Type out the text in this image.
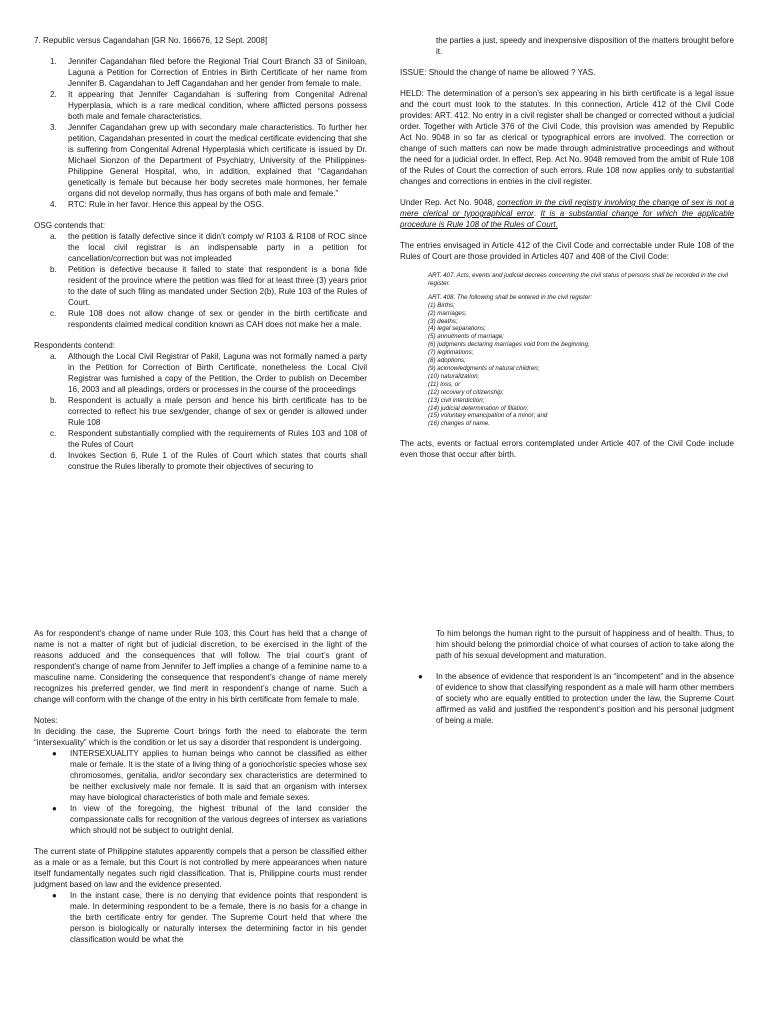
7. Republic versus Cagandahan [GR No. 166676, 12 Sept. 2008]

1. Jennifer Cagandahan filed before the Regional Trial Court Branch 33 of Siniloan, Laguna a Petition for Correction of Entries in Birth Certificate of her name from Jennifer B. Cagandahan to Jeff Cagandahan and her gender from female to male.
2. It appearing that Jennifer Cagandahan is suffering from Congenital Adrenal Hyperplasia, which is a rare medical condition, where afflicted persons possess both male and female characteristics.
3. Jennifer Cagandahan grew up with secondary male characteristics. To further her petition, Cagandahan presented in court the medical certificate evidencing that she is suffering from Congenital Adrenal Hyperplasia which certificate is issued by Dr. Michael Sionzon of the Department of Psychiatry, University of the Philippines-Philippine General Hospital, who, in addition, explained that “Cagandahan genetically is female but because her body secretes male hormones, her female organs did not develop normally, thus has organs of both male and female.”
4. RTC: Rule in her favor. Hence this appeal by the OSG.

OSG contends that:

a. the petition is fatally defective since it didn’t comply w/ R103 & R108 of ROC since the local civil registrar is an indispensable party in a petition for cancellation/correction but was not impleaded
b. Petition is defective because it failed to state that respondent is a bona fide resident of the province where the petition was filed for at least three (3) years prior to the date of such filing as mandated under Section 2(b), Rule 103 of the Rules of Court.
c. Rule 108 does not allow change of sex or gender in the birth certificate and respondents claimed medical condition known as CAH does not make her a male.

Respondents contend:

a. Although the Local Civil Registrar of Pakil, Laguna was not formally named a party in the Petition for Correction of Birth Certificate, nonetheless the Local Civil Registrar was furnished a copy of the Petition, the Order to publish on December 16, 2003 and all pleadings, orders or processes in the course of the proceedings
b. Respondent is actually a male person and hence his birth certificate has to be corrected to reflect his true sex/gender, change of sex or gender is allowed under Rule 108
c. Respondent substantially complied with the requirements of Rules 103 and 108 of the Rules of Court
d. Invokes Section 6, Rule 1 of the Rules of Court which states that courts shall construe the Rules liberally to promote their objectives of securing to
the parties a just, speedy and inexpensive disposition of the matters brought before it.

ISSUE: Should the change of name be allowed ? YAS.

HELD: The determination of a person’s sex appearing in his birth certificate is a legal issue and the court must look to the statutes. In this connection, Article 412 of the Civil Code provides: ART. 412. No entry in a civil register shall be changed or corrected without a judicial order. Together with Article 376 of the Civil Code, this provision was amended by Republic Act No. 9048 in so far as clerical or typographical errors are involved. The correction or change of such matters can now be made through administrative proceedings and without the need for a judicial order. In effect, Rep. Act No. 9048 removed from the ambit of Rule 108 of the Rules of Court the correction of such errors. Rule 108 now applies only to substantial changes and corrections in entries in the civil register.

Under Rep. Act No. 9048, correction in the civil registry involving the change of sex is not a mere clerical or typographical error. It is a substantial change for which the applicable procedure is Rule 108 of the Rules of Court.

The entries envisaged in Article 412 of the Civil Code and correctable under Rule 108 of the Rules of Court are those provided in Articles 407 and 408 of the Civil Code:

ART. 407. Acts, events and judicial decrees concerning the civil status of persons shall be recorded in the civil register.
ART. 408. The following shall be entered in the civil register:
(1) Births;
(2) marriages;
(3) deaths;
(4) legal separations;
(5) annulments of marriage;
(6) judgments declaring marriages void from the beginning;
(7) legitimations;
(8) adoptions;
(9) acknowledgments of natural children;
(10) naturalization;
(11) loss, or
(12) recovery of citizenship;
(13) civil interdiction;
(14) judicial determination of filiation;
(15) voluntary emancipation of a minor; and
(16) changes of name.

The acts, events or factual errors contemplated under Article 407 of the Civil Code include even those that occur after birth.

As for respondent’s change of name under Rule 103, this Court has held that a change of name is not a matter of right but of judicial discretion, to be exercised in the light of the reasons adduced and the consequences that will follow. The trial court’s grant of respondent’s change of name from Jennifer to Jeff implies a change of a feminine name to a masculine name. Considering the consequence that respondent’s change of name merely recognizes his preferred gender, we find merit in respondent’s change of name. Such a change will conform with the change of the entry in his birth certificate from female to male.

Notes:

In deciding the case, the Supreme Court brings forth the need to elaborate the term “intersexuality” which is the condition or let us say a disorder that respondent is undergoing.

● INTERSEXUALITY applies to human beings who cannot be classified as either male or female. It is the state of a living thing of a gonochoristic species whose sex chromosomes, genitalia, and/or secondary sex characteristics are determined to be neither exclusively male nor female. It is said that an organism with intersex may have biological characteristics of both male and female sexes.
● In view of the foregoing, the highest tribunal of the land consider the compassionate calls for recognition of the various degrees of intersex as variations which should not be subject to outright denial.

The current state of Philippine statutes apparently compels that a person be classified either as a male or as a female, but this Court is not controlled by mere appearances when nature itself fundamentally negates such rigid classification. That is, Philippine courts must render judgment based on law and the evidence presented.

● In the instant case, there is no denying that evidence points that respondent is male. In determining respondent to be a female, there is no basis for a change in the birth certificate entry for gender. The Supreme Court held that where the person is biologically or naturally intersex the determining factor in his gender classification would be what the
To him belongs the human right to the pursuit of happiness and of health. Thus, to him should belong the primordial choice of what courses of action to take along the path of his sexual development and maturation.
● In the absence of evidence that respondent is an “incompetent” and in the absence of evidence to show that classifying respondent as a male will harm other members of society who are equally entitled to protection under the law, the Supreme Court affirmed as valid and justified the respondent’s position and his personal judgment of being a male.
